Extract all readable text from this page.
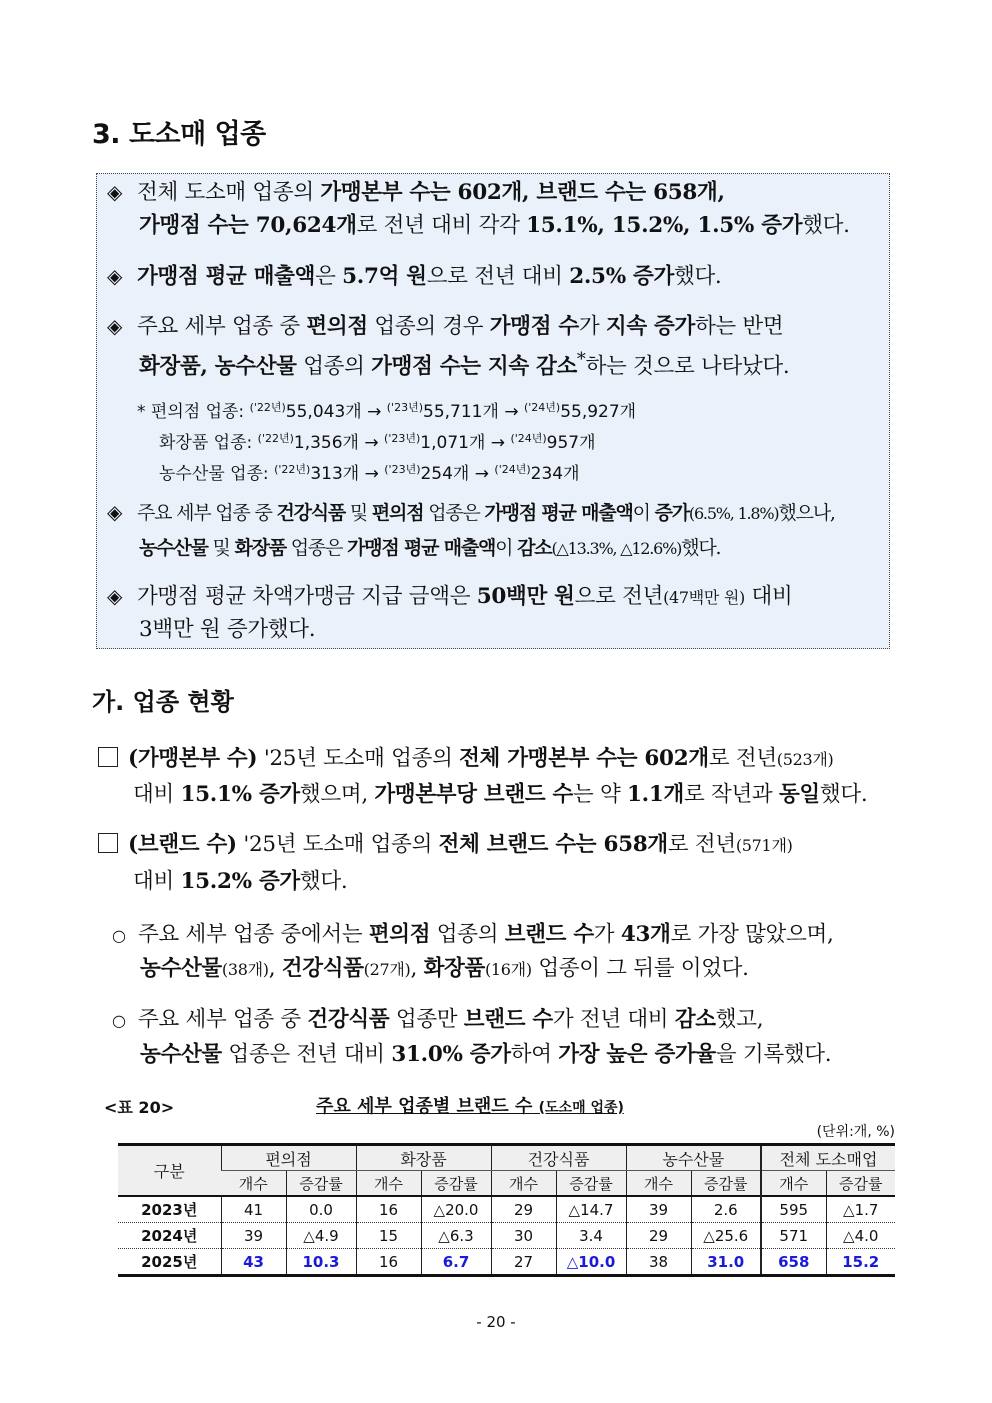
3. 도소매 업종
◈ 전체 도소매 업종의 가맹본부 수는 602개, 브랜드 수는 658개,
가맹점 수는 70,624개로 전년 대비 각각 15.1%, 15.2%, 1.5% 증가했다.
◈ 가맹점 평균 매출액은 5.7억 원으로 전년 대비 2.5% 증가했다.
◈ 주요 세부 업종 중 편의점 업종의 경우 가맹점 수가 지속 증가하는 반면
화장품, 농수산물 업종의 가맹점 수는 지속 감소*하는 것으로 나타났다.
* 편의점 업종: $^{('22년)}$55,043개 → $^{('23년)}$55,711개 → $^{('24년)}$55,927개
화장품 업종: $^{('22년)}$1,356개 → $^{('23년)}$1,071개 → $^{('24년)}$957개
농수산물 업종: $^{('22년)}$313개 → $^{('23년)}$254개 → $^{('24년)}$234개
◈ 주요 세부 업종 중 건강식품 및 편의점 업종은 가맹점 평균 매출액이 증가(6.5%, 1.8%)했으나,
농수산물 및 화장품 업종은 가맹점 평균 매출액이 감소(△13.3%, △12.6%)했다.
◈ 가맹점 평균 차액가맹금 지급 금액은 50백만 원으로 전년(47백만 원) 대비
3백만 원 증가했다.
가. 업종 현황
(가맹본부 수) '25년 도소매 업종의 전체 가맹본부 수는 602개로 전년(523개)
대비 15.1% 증가했으며, 가맹본부당 브랜드 수는 약 1.1개로 작년과 동일했다.
(브랜드 수) '25년 도소매 업종의 전체 브랜드 수는 658개로 전년(571개)
대비 15.2% 증가했다.
○ 주요 세부 업종 중에서는 편의점 업종의 브랜드 수가 43개로 가장 많았으며,
농수산물(38개), 건강식품(27개), 화장품(16개) 업종이 그 뒤를 이었다.
○ 주요 세부 업종 중 건강식품 업종만 브랜드 수가 전년 대비 감소했고,
농수산물 업종은 전년 대비 31.0% 증가하여 가장 높은 증가율을 기록했다.
<표 20>	주요 세부 업종별 브랜드 수 (도소매 업종)
(단위:개, %)
구분	편의점		화장품		건강식품		농수산물		전체 도소매업	
	개수	증감률	개수	증감률	개수	증감률	개수	증감률	개수	증감률
2023년	41	0.0	16	△20.0	29	△14.7	39	2.6	595	△1.7
2024년	39	△4.9	15	△6.3	30	3.4	29	△25.6	571	△4.0
2025년	43	10.3	16	6.7	27	△10.0	38	31.0	658	15.2
- 20 -
